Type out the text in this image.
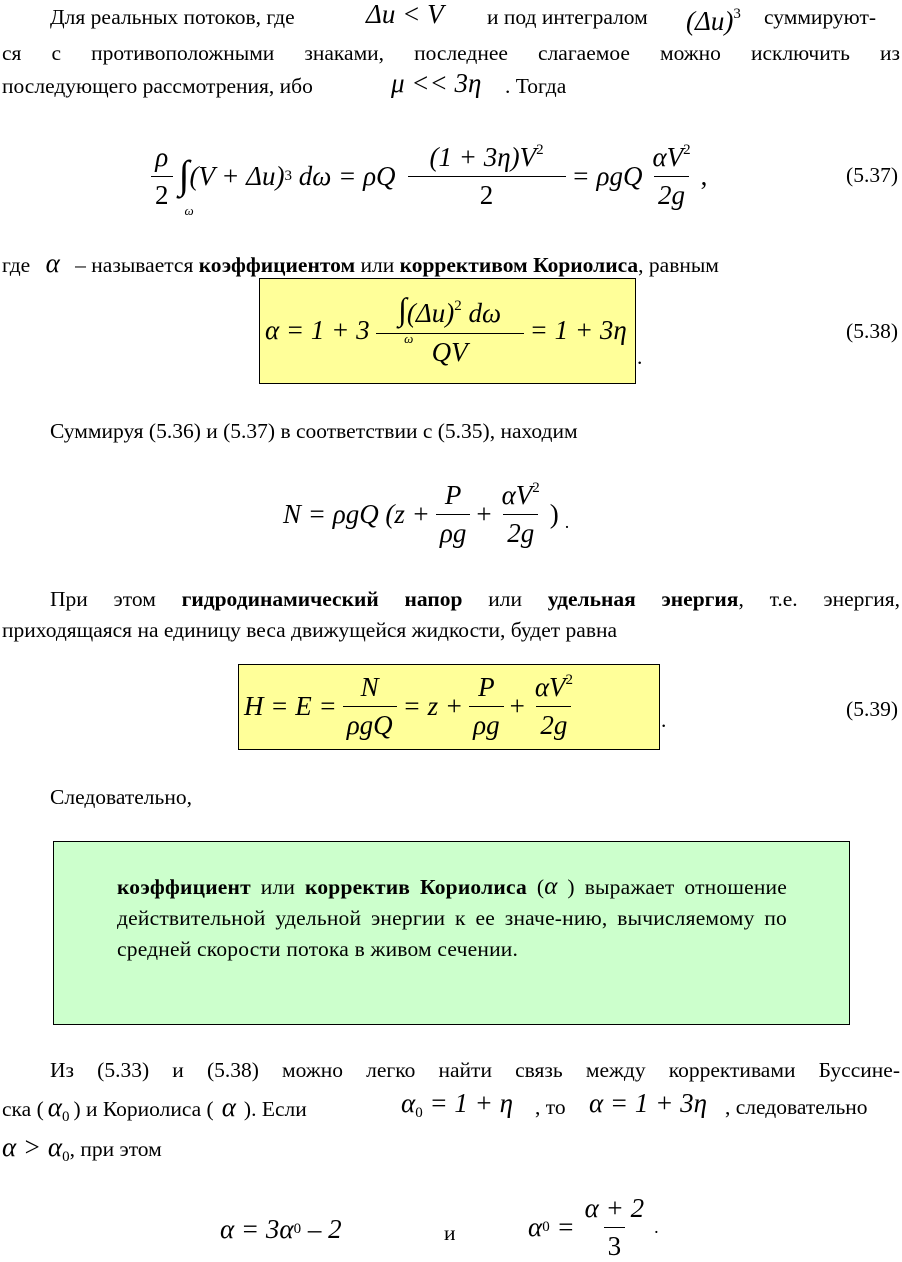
Для реальных потоков, где	Δu < V и под интегралом $(\Delta u)^3$ суммируют-
ся с противоположными знаками, последнее слагаемое можно исключить из
последующего рассмотрения, ибо	μ << 3η . Тогда
$\frac{\rho}{2}$ ∫
ω
(V + Δu) 3 dω = ρQ $\frac{(1 + 3\eta)V^2}{2} = \rho gQ \frac{\alpha V^2}{2g}$ ,	(5.37)
где α – называется коэффициентом или коррективом Кориолиса, равным
α = 1 + 3 ∫
ω
$(\Delta u)^2$ dω
QV = 1 + 3η
.
(5.38)
Суммируя (5.36) и (5.37) в соответствии с (5.35), находим
N = ρgQ ($z + \frac{P}{\rho g} + \frac{\alpha V^2}{2g}$ ) .
При этом гидродинамический напор или удельная энергия, т.е. энергия,
приходящаяся на единицу веса движущейся жидкости, будет равна
$H = E = \frac{N}{\text{ρgQ}} = z + \frac{P}{\rho g} + \frac{\alpha V^2}{2g}$	.	(5.39)
Следовательно,
коэффициент или корректив Кориолиса (α ) выражает отношение действительной удельной энергии к ее значе-нию, вычисляемому по средней скорости потока в живом сечении.
Из (5.33) и (5.38) можно легко найти связь между коррективами Буссине-
ска ( $\alpha_0$ ) и Кориолиса ( α ). Если	$\alpha_0 = 1 + \eta$ , то α = 1 + 3η , следовательно
$\alpha > \alpha_0$, при этом
α = 3α 0 – 2	и	α $0 = \frac{\alpha + 2}{3}$ .
